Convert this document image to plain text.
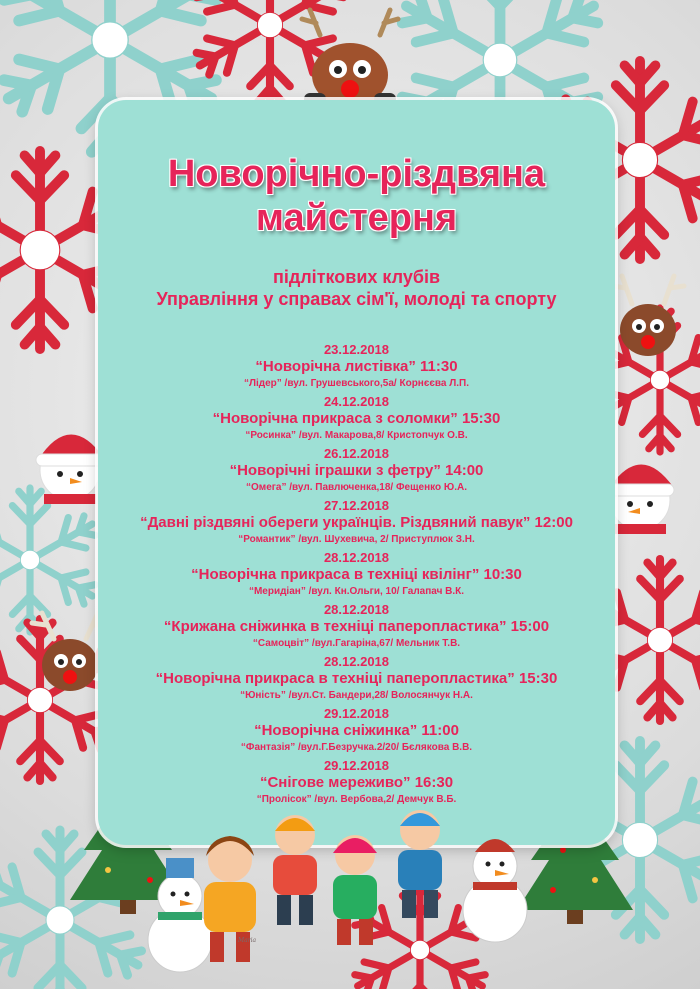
Новорічно-різдвяна
майстерня
підліткових клубів
Управління у справах сім'ї, молоді та спорту
23.12.2018
“Новорічна листівка” 11:30
“Лідер” /вул. Грушевського,5а/ Корнєєва Л.П.
24.12.2018
“Новорічна прикраса з соломки” 15:30
“Росинка” /вул. Макарова,8/ Кристопчук О.В.
26.12.2018
“Новорічні іграшки з фетру” 14:00
“Омега” /вул. Павлюченка,18/ Фещенко Ю.А.
27.12.2018
“Давні різдвяні обереги українців. Різдвяний павук” 12:00
“Романтик” /вул. Шухевича, 2/ Приступлюк З.Н.
28.12.2018
“Новорічна прикраса в техніці квілінг” 10:30
“Меридіан” /вул. Кн.Ольги, 10/ Галапач В.К.
28.12.2018
“Крижана сніжинка в техніці паперопластика” 15:00
“Самоцвіт” /вул.Гагаріна,67/ Мельник Т.В.
28.12.2018
“Новорічна прикраса в техніці паперопластика” 15:30
“Юність” /вул.Ст. Бандери,28/ Волосянчук Н.А.
29.12.2018
“Новорічна сніжинка” 11:00
“Фантазія” /вул.Г.Безручка.2/20/ Бєлякова В.В.
29.12.2018
“Снігове мереживо” 16:30
“Пролісок” /вул. Вербова,2/ Демчук В.Б.
Maria
